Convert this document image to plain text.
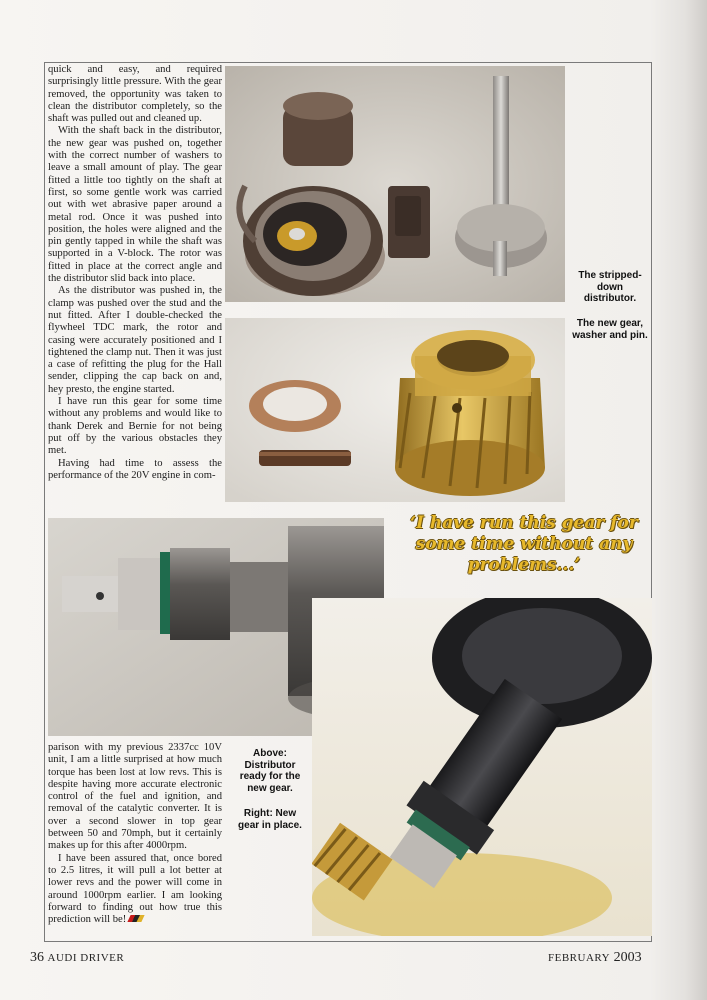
quick and easy, and required surprisingly little pressure. With the gear removed, the opportunity was taken to clean the distributor completely, so the shaft was pulled out and cleaned up.

With the shaft back in the distributor, the new gear was pushed on, together with the correct number of washers to leave a small amount of play. The gear fitted a little too tightly on the shaft at first, so some gentle work was carried out with wet abrasive paper around a metal rod. Once it was pushed into position, the holes were aligned and the pin gently tapped in while the shaft was supported in a V-block. The rotor was fitted in place at the correct angle and the distributor slid back into place.

As the distributor was pushed in, the clamp was pushed over the stud and the nut fitted. After I double-checked the flywheel TDC mark, the rotor and casing were accurately positioned and I tightened the clamp nut. Then it was just a case of refitting the plug for the Hall sender, clipping the cap back on and, hey presto, the engine started.

I have run this gear for some time without any problems and would like to thank Derek and Bernie for not being put off by the various obstacles they met.

Having had time to assess the performance of the 20V engine in com-

The stripped-down distributor.
The new gear, washer and pin.
‘I have run this gear for some time without any problems...’

parison with my previous 2337cc 10V unit, I am a little surprised at how much torque has been lost at low revs. This is despite having more accurate electronic control of the fuel and ignition, and removal of the catalytic converter. It is over a second slower in top gear between 50 and 70mph, but it certainly makes up for this after 4000rpm.

I have been assured that, once bored to 2.5 litres, it will pull a lot better at lower revs and the power will come in around 1000rpm earlier. I am looking forward to finding out how true this prediction will be!

Above: Distributor ready for the new gear.
Right: New gear in place.
36 AUDI DRIVER	FEBRUARY 2003
